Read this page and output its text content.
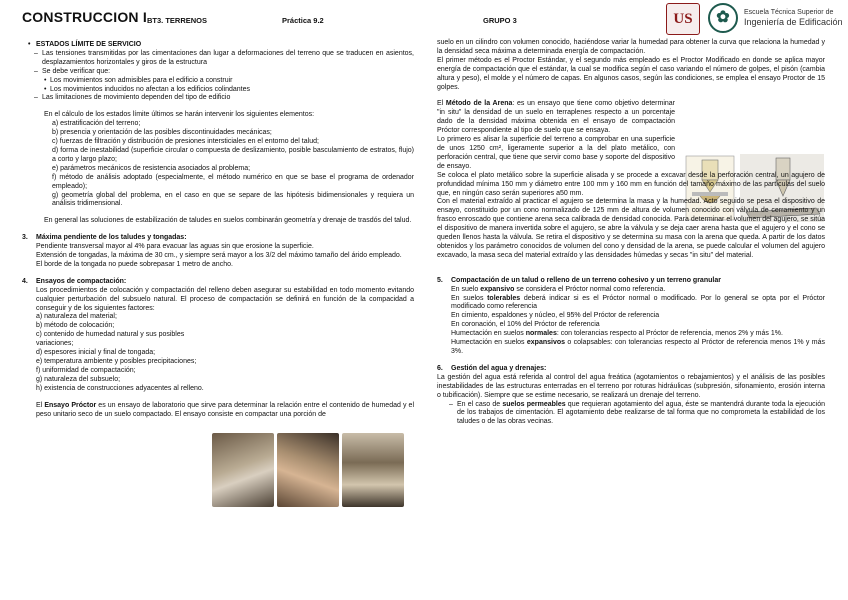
CONSTRUCCION I BT3. TERRENOS	Práctica 9.2	GRUPO 3	US	✿	Escuela Técnica Superior de
Ingeniería de Edificación

• ESTADOS LÍMITE DE SERVICIO

– Las tensiones transmitidas por las cimentaciones dan lugar a deformaciones del terreno que se traducen en asientos, desplazamientos horizontales y giros de la estructura

– Se debe verificar que:

• Los movimientos son admisibles para el edificio a construir

• Los movimientos inducidos no afectan a los edificios colindantes

– Las limitaciones de movimiento dependen del tipo de edificio

En el cálculo de los estados límite últimos se harán intervenir los siguientes elementos:

a) estratificación del terreno;

b) presencia y orientación de las posibles discontinuidades mecánicas;

c) fuerzas de filtración y distribución de presiones intersticiales en el entorno del talud;

d) forma de inestabilidad (superficie circular o compuesta de deslizamiento, posible basculamiento de estratos, flujo) a corto y largo plazo;

e) parámetros mecánicos de resistencia asociados al problema;

f) método de análisis adoptado (especialmente, el método numérico en que se base el programa de ordenador empleado);

g) geometría global del problema, en el caso en que se separe de las hipótesis bidimensionales y requiera un análisis tridimensional.

En general las soluciones de estabilización de taludes en suelos combinarán geometría y drenaje de trasdós del talud.

3. Máxima pendiente de los taludes y tongadas:

Pendiente transversal mayor al 4% para evacuar las aguas sin que erosione la superficie.

Extensión de tongadas, la máxima de 30 cm., y siempre será mayor a los 3/2 del máximo tamaño del árido empleado.

El borde de la tongada no puede sobrepasar 1 metro de ancho.

4. Ensayos de compactación:

Los procedimientos de colocación y compactación del relleno deben asegurar su estabilidad en todo momento evitando cualquier perturbación del subsuelo natural. El proceso de compactación se definirá en función de la compacidad a conseguir y de los siguientes factores:

a) naturaleza del material;

b) método de colocación;

c) contenido de humedad natural y sus posibles variaciones;

d) espesores inicial y final de tongada;

e) temperatura ambiente y posibles precipitaciones;

f) uniformidad de compactación;

g) naturaleza del subsuelo;

h) existencia de construcciones adyacentes al relleno.

El Ensayo Próctor es un ensayo de laboratorio que sirve para determinar la relación entre el contenido de humedad y el peso unitario seco de un suelo compactado. El ensayo consiste en compactar una porción de

suelo en un cilindro con volumen conocido, haciéndose variar la humedad para obtener la curva que relaciona la humedad y la densidad seca máxima a determinada energía de compactación.

El primer método es el Proctor Estándar, y el segundo más empleado es el Proctor Modificado en donde se aplica mayor energía de compactación que el estándar, la cual se modifica según el caso variando el número de golpes, el pisón (cambia altura y peso), el molde y el número de capas. En algunos casos, según las condiciones, se emplea el ensayo Proctor de 15 golpes.

El Método de la Arena: es un ensayo que tiene como objetivo determinar "in situ" la densidad de un suelo en terraplenes respecto a un porcentaje dado de la densidad máxima obtenida en el ensayo de compactación Próctor correspondiente al tipo de suelo que se ensaya.

Lo primero es alisar la superficie del terreno a comprobar en una superficie de unos 1250 cm², ligeramente superior a la del plato metálico, con perforación central, que tiene que servir como base y soporte del dispositivo de ensayo.

Se coloca el plato metálico sobre la superficie alisada y se procede a excavar desde la perforación central, un agujero de profundidad mínima 150 mm y diámetro entre 100 mm y 160 mm en función del tamaño máximo de las partículas del suelo que, en ningún caso serán superiores a50 mm.

Con el material extraído al practicar el agujero se determina la masa y la humedad. Acto seguido se pesa el dispositivo de ensayo, constituido por un cono normalizado de 125 mm de altura de volumen conocido con válvula de cerramiento y un frasco enroscado que contiene arena seca calibrada de densidad conocida. Para determinar el volumen del agujero, se sitúa el dispositivo de manera invertida sobre el agujero, se abre la válvula y se deja caer arena hasta que el agujero y el cono se queden llenos hasta la válvula. Se retira el dispositivo y se determina su masa con la arena que queda. A partir de los datos obtenidos y los parámetro conocidos de volumen del cono y densidad de la arena, se puede calcular el volumen del agujero excavado, la masa seca del material extraído y las densidades húmedas y secas "in situ" del material.

5. Compactación de un talud o relleno de un terreno cohesivo y un terreno granular

En suelo expansivo se considera el Próctor normal como referencia.

En suelos tolerables deberá indicar si es el Próctor normal o modificado. Por lo general se opta por el Próctor modificado como referencia

En cimiento, espaldones y núcleo, el 95% del Próctor de referencia

En coronación, el 10% del Próctor de referencia

Humectación en suelos normales: con tolerancias respecto al Próctor de referencia, menos 2% y más 1%.

Humectación en suelos expansivos o colapsables: con tolerancias respecto al Próctor de referencia menos 1% y más 3%.

6. Gestión del agua y drenajes:

La gestión del agua está referida al control del agua freática (agotamientos o rebajamientos) y el análisis de las posibles inestabilidades de las estructuras enterradas en el terreno por roturas hidráulicas (subpresión, sifonamiento, erosión interna o tubificación). Siempre que se estime necesario, se realizará un drenaje del terreno.

– En el caso de suelos permeables que requieran agotamiento del agua, éste se mantendrá durante toda la ejecución de los trabajos de cimentación. El agotamiento debe realizarse de tal forma que no comprometa la estabilidad de los taludes o de las obras vecinas.
